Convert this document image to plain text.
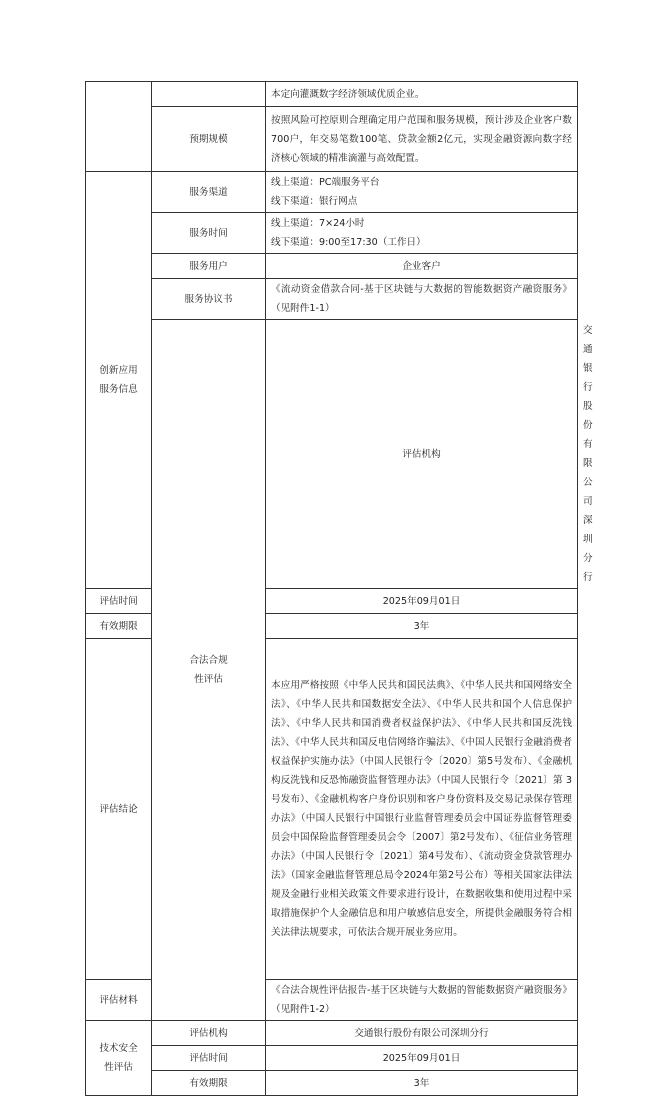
		本定向灌溉数字经济领域优质企业。	

	预期规模	按照风险可控原则合理确定用户范围和服务规模，预计涉及企业客户数700户，年交易笔数100笔、贷款金额2亿元，实现金融资源向数字经济核心领域的精准滴灌与高效配置。	

创新应用
服务信息	服务渠道	线上渠道：PC端服务平台
线下渠道：银行网点	

	服务时间	线上渠道：7×24小时
线下渠道：9:00至17:30（工作日）	

	服务用户	企业客户	
	服务协议书	《流动资金借款合同-基于区块链与大数据的智能数据资产融资服务》（见附件1-1）	

	合法合规
性评估	评估机构	交通银行股份有限公司深圳分行
评估时间		2025年09月01日	
有效期限		3年	
评估结论		本应用严格按照《中华人民共和国民法典》、《中华人民共和国网络安全法》、《中华人民共和国数据安全法》、《中华人民共和国个人信息保护法》、《中华人民共和国消费者权益保护法》、《中华人民共和国反洗钱法》、《中华人民共和国反电信网络诈骗法》、《中国人民银行金融消费者权益保护实施办法》（中国人民银行令〔2020〕第5号发布）、《金融机构反洗钱和反恐怖融资监督管理办法》（中国人民银行令〔2021〕第 3号发布）、《金融机构客户身份识别和客户身份资料及交易记录保存管理办法》（中国人民银行中国银行业监督管理委员会中国证券监督管理委员会中国保险监督管理委员会令〔2007〕第2号发布）、《征信业务管理办法》（中国人民银行令〔2021〕第4号发布）、《流动资金贷款管理办法》（国家金融监督管理总局令2024年第2号公布）等相关国家法律法规及金融行业相关政策文件要求进行设计，在数据收集和使用过程中采取措施保护个人金融信息和用户敏感信息安全，所提供金融服务符合相关法律法规要求，可依法合规开展业务应用。	

评估材料		《合法合规性评估报告-基于区块链与大数据的智能数据资产融资服务》（见附件1-2）	

技术安全
性评估	评估机构	交通银行股份有限公司深圳分行	
	评估时间	2025年09月01日	
	有效期限	3年	
